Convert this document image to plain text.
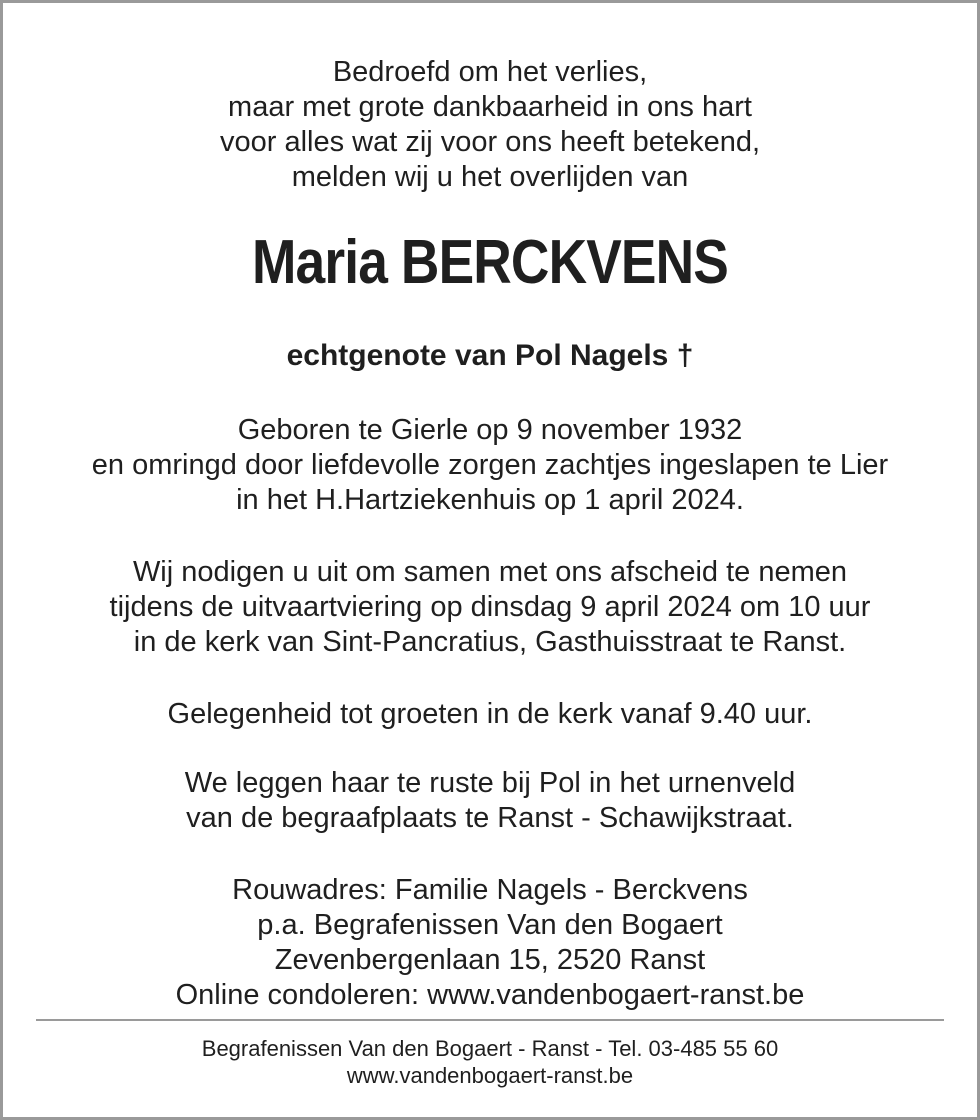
Bedroefd om het verlies,
maar met grote dankbaarheid in ons hart
voor alles wat zij voor ons heeft betekend,
melden wij u het overlijden van
Maria BERCKVENS
echtgenote van Pol Nagels †
Geboren te Gierle op 9 november 1932
en omringd door liefdevolle zorgen zachtjes ingeslapen te Lier
in het H.Hartziekenhuis op 1 april 2024.
Wij nodigen u uit om samen met ons afscheid te nemen
tijdens de uitvaartviering op dinsdag 9 april 2024 om 10 uur
in de kerk van Sint-Pancratius, Gasthuisstraat te Ranst.
Gelegenheid tot groeten in de kerk vanaf 9.40 uur.
We leggen haar te ruste bij Pol in het urnenveld
van de begraafplaats te Ranst - Schawijkstraat.
Rouwadres: Familie Nagels - Berckvens
p.a. Begrafenissen Van den Bogaert
Zevenbergenlaan 15, 2520 Ranst
Online condoleren: www.vandenbogaert-ranst.be
Begrafenissen Van den Bogaert - Ranst - Tel. 03-485 55 60
www.vandenbogaert-ranst.be
